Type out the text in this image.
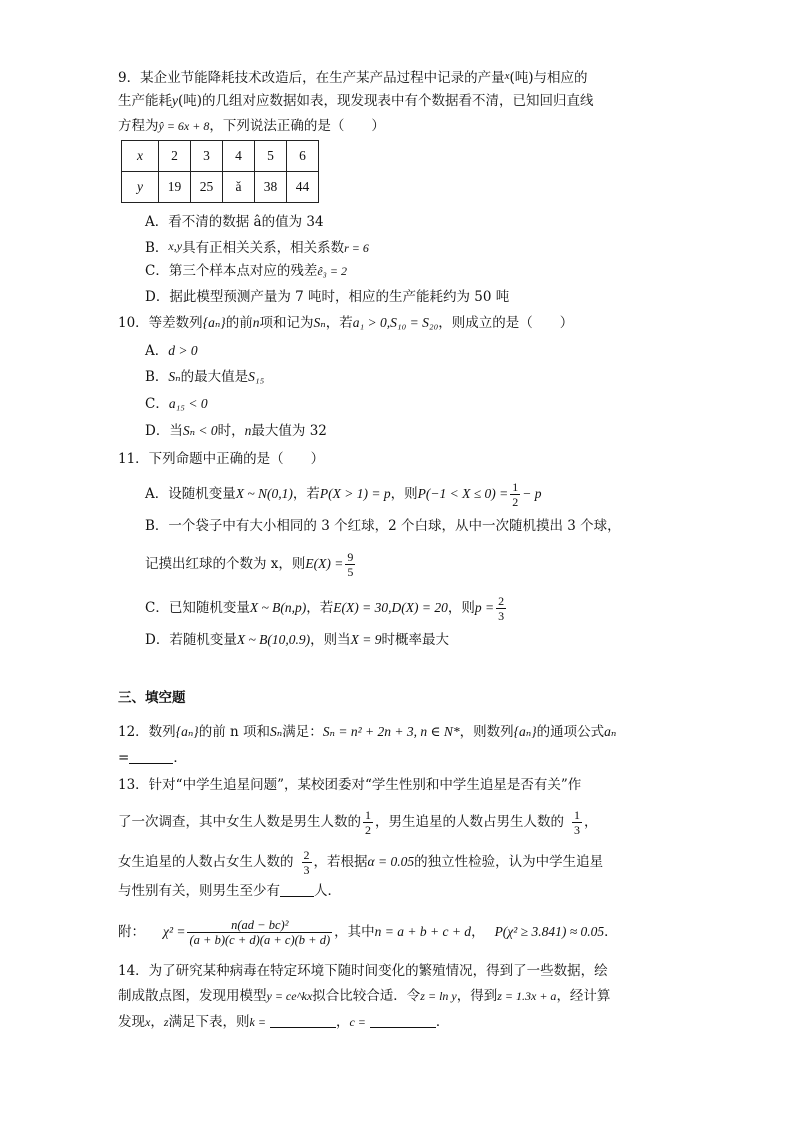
9．某企业节能降耗技术改造后，在生产某产品过程中记录的产量$^x$(吨)与相应的
生产能耗y(吨)的几组对应数据如表，现发现表中有个数据看不清，已知回归直线
方程为ŷ = 6x + 8，下列说法正确的是（　　）
x	2	3	4	5	6
y	19	25	ǎ	38	44
A．看不清的数据 â的值为 34
B．x,y具有正相关关系，相关系数r = 6
C．第三个样本点对应的残差ê₃ = 2
D．据此模型预测产量为 7 吨时，相应的生产能耗约为 50 吨
10．等差数列{aₙ}的前n项和记为Sₙ，若a₁ > 0,S₁₀ = S₂₀，则成立的是（　　）
A．d > 0
B．Sₙ的最大值是S₁₅
C．a₁₅ < 0
D．当Sₙ < 0时，n最大值为 32
11．下列命题中正确的是（　　）
A．设随机变量X ~ N(0,1)，若P(X > 1) = p，则$P(-1 < X \le 0) = \frac{1}{2} - p$
B．一个袋子中有大小相同的 3 个红球，2 个白球，从中一次随机摸出 3 个球，
记摸出红球的个数为 x，则$E(X) = \frac{9}{5}$
C．已知随机变量X ~ B(n,p)，若E(X) = 30,D(X) = 20，则$p = \frac{2}{3}$
D．若随机变量X ~ B(10,0.9)，则当X = 9时概率最大
三、填空题
12．数列{aₙ}的前 n 项和Sₙ满足：Sₙ = n² + 2n + 3, n ∈ N*，则数列{aₙ}的通项公式aₙ
=	．
13．针对“中学生追星问题”，某校团委对“学生性别和中学生追星是否有关”作
了一次调查，其中女生人数是男生人数的 $\frac{1}{2}$ ，男生追星的人数占男生人数的 $\frac{1}{3}$ ，
女生追星的人数占女生人数的 $\frac{2}{3}$ ，若根据α = 0.05的独立性检验，认为中学生追星
与性别有关，则男生至少有	人．
附： $\chi^2 = \frac{\text{n(ad − bc)²}}{(a + b)(c + d)(a + c)(b + d)}$ ，其中n = a + b + c + d， P(χ² ≥ 3.841) ≈ 0.05．
14．为了研究某种病毒在特定环境下随时间变化的繁殖情况，得到了一些数据，绘
制成散点图，发现用模型y = ce^kx拟合比较合适．令z = ln y，得到z = 1.3x + a，经计算
发现x，z满足下表，则k =	，c =	．
